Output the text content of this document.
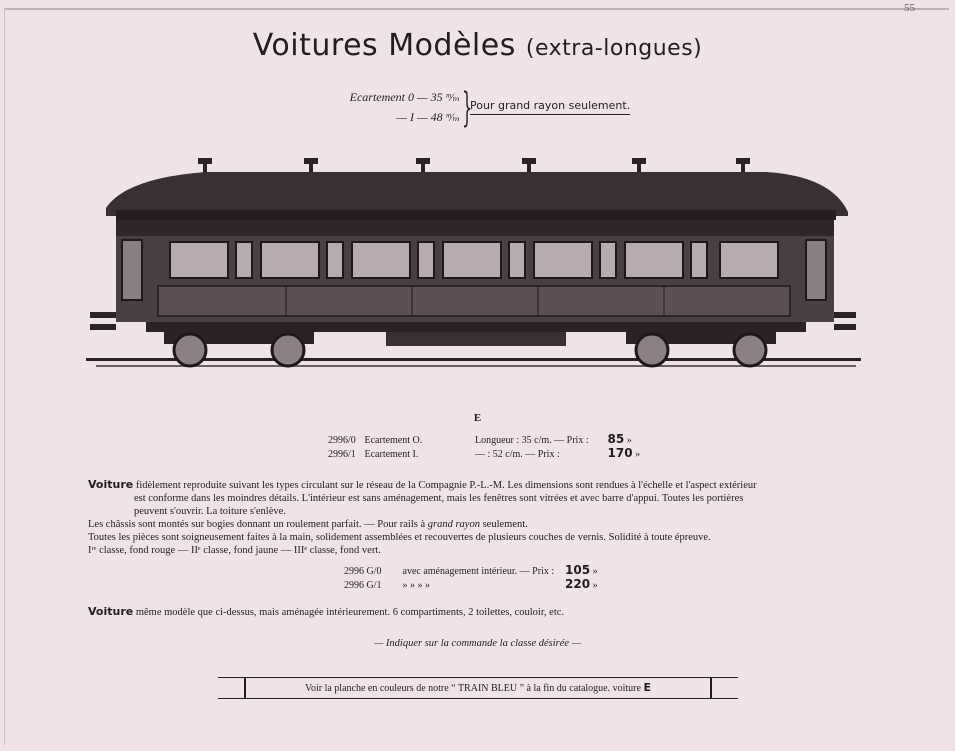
55
Voitures Modèles (extra-longues)
Ecartement 0 — 35 ᵐ⁄ₘ
— I — 48 ᵐ⁄ₘ }
Pour grand rayon seulement.
E
2996/0 Ecartement O.	Longueur : 35 c/m. — Prix : 85 »
2996/1 Ecartement I.	— : 52 c/m. — Prix :	170 »

Voiture fidèlement reproduite suivant les types circulant sur le réseau de la Compagnie P.-L.-M. Les dimensions sont rendues à l'échelle et l'aspect extérieur

est conforme dans les moindres détails. L'intérieur est sans aménagement, mais les fenêtres sont vitrées et avec barre d'appui. Toutes les portières

peuvent s'ouvrir. La toiture s'enlève.

Les châssis sont montés sur bogies donnant un roulement parfait. — Pour rails à grand rayon seulement.

Toutes les pièces sont soigneusement faites à la main, solidement assemblées et recouvertes de plusieurs couches de vernis. Solidité à toute épreuve.

Iʳᵉ classe, fond rouge — IIᵉ classe, fond jaune — IIIᵉ classe, fond vert.

2996 G/0 avec aménagement intérieur. — Prix : 105 »
2996 G/1 » » » »	220 »
Voiture même modèle que ci-dessus, mais aménagée intérieurement. 6 compartiments, 2 toilettes, couloir, etc.
— Indiquer sur la commande la classe désirée —
Voir la planche en couleurs de notre “ TRAIN BLEU ” à la fin du catalogue. voiture E
